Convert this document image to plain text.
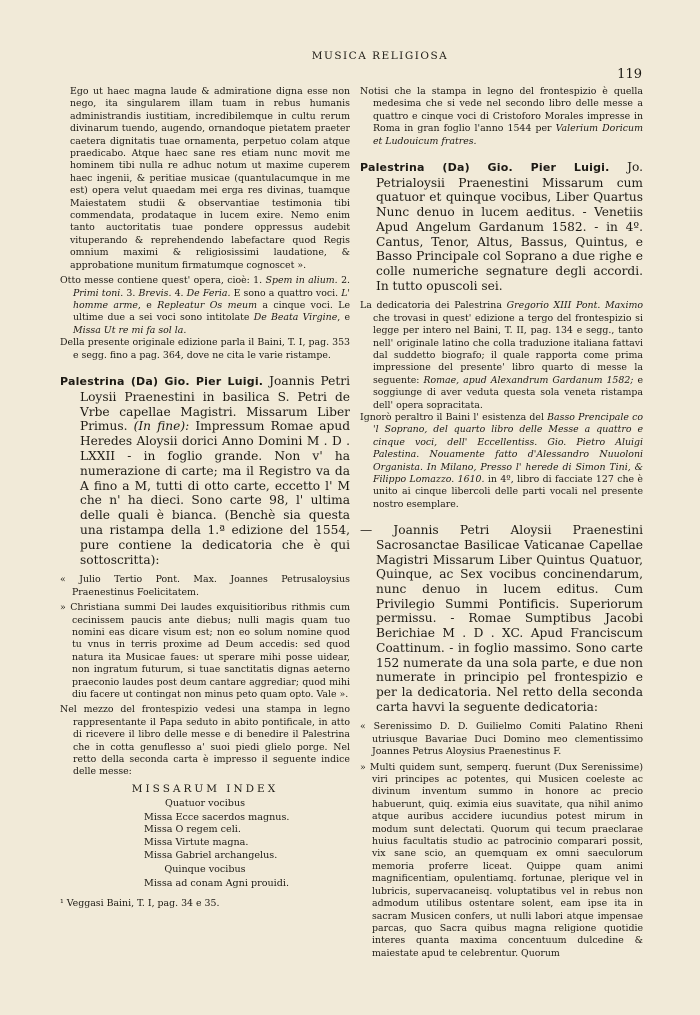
MUSICA RELIGIOSA
119

Ego ut haec magna laude & admiratione digna esse non nego, ita singularem illam tuam in rebus humanis administrandis iustitiam, incredibilemque in cultu rerum divinarum tuendo, augendo, ornandoque pietatem praeter caetera dignitatis tuae ornamenta, perpetuo colam atque praedicabo. Atque haec sane res etiam nunc movit me hominem tibi nulla re adhuc notum ut maxime cuperem haec ingenii, & peritiae musicae (quantulacumque in me est) opera velut quaedam mei erga res divinas, tuamque Maiestatem studii & observantiae testimonia tibi commendata, prodataque in lucem exire. Nemo enim tanto auctoritatis tuae pondere oppressus audebit vituperando & reprehendendo labefactare quod Regis omnium maximi & religiosissimi laudatione, & approbatione munitum firmatumque cognoscet ».

Otto messe contiene quest' opera, cioè: 1. Spem in alium. 2. Primi toni. 3. Brevis. 4. De Feria. E sono a quattro voci. L' homme arme, e Repleatur Os meum a cinque voci. Le ultime due a sei voci sono intitolate De Beata Virgine, e Missa Ut re mi fa sol la.

Della presente originale edizione parla il Baini, T. I, pag. 353 e segg. fino a pag. 364, dove ne cita le varie ristampe.

Palestrina (Da) Gio. Pier Luigi. Joannis Petri Loysii Praenestini in basilica S. Petri de Vrbe capellae Magistri. Missarum Liber Primus. (In fine): Impressum Romae apud Heredes Aloysii dorici Anno Domini M . D . LXXII - in foglio grande. Non v' ha numerazione di carte; ma il Registro va da A fino a M, tutti di otto carte, eccetto l' M che n' ha dieci. Sono carte 98, l' ultima delle quali è bianca. (Benchè sia questa una ristampa della 1.ª edizione del 1554, pure contiene la dedicatoria che è qui sottoscritta):

« Julio Tertio Pont. Max. Joannes Petrusaloysius Praenestinus Foelicitatem.

» Christiana summi Dei laudes exquisitioribus rithmis cum cecinissem paucis ante diebus; nulli magis quam tuo nomini eas dicare visum est; non eo solum nomine quod tu vnus in terris proxime ad Deum accedis: sed quod natura ita Musicae faues: ut sperare mihi posse uidear, non ingratum futurum, si tuae sanctitatis dignas aeterno praeconio laudes post deum cantare aggrediar; quod mihi diu facere ut contingat non minus peto quam opto. Vale ».

Nel mezzo del frontespizio vedesi una stampa in legno rappresentante il Papa seduto in abito pontificale, in atto di ricevere il libro delle messe e di benedire il Palestrina che in cotta genuflesso a' suoi piedi glielo porge. Nel retto della seconda carta è impresso il seguente indice delle messe:

MISSARUM INDEX
Quatuor vocibus
Missa Ecce sacerdos magnus.
Missa O regem celi.
Missa Virtute magna.
Missa Gabriel archangelus.
Quinque vocibus
Missa ad conam Agni prouidi.

¹ Veggasi Baini, T. I, pag. 34 e 35.

Notisi che la stampa in legno del frontespizio è quella medesima che si vede nel secondo libro delle messe a quattro e cinque voci di Cristoforo Morales impresse in Roma in gran foglio l'anno 1544 per Valerium Doricum et Ludouicum fratres.

Palestrina (Da) Gio. Pier Luigi. Jo. Petrialoysii Praenestini Missarum cum quatuor et quinque vocibus, Liber Quartus Nunc denuo in lucem aeditus. - Venetiis Apud Angelum Gardanum 1582. - in 4º. Cantus, Tenor, Altus, Bassus, Quintus, e Basso Principale col Soprano a due righe e colle numeriche segnature degli accordi. In tutto opuscoli sei.

La dedicatoria dei Palestrina Gregorio XIII Pont. Maximo che trovasi in quest' edizione a tergo del frontespizio si legge per intero nel Baini, T. II, pag. 134 e segg., tanto nell' originale latino che colla traduzione italiana fattavi dal suddetto biografo; il quale rapporta come prima impressione del presente' libro quarto di messe la seguente: Romae, apud Alexandrum Gardanum 1582; e soggiunge di aver veduta questa sola veneta ristampa dell' opera sopracitata.

Ignorò peraltro il Baini l' esistenza del Basso Prencipale co 'l Soprano, del quarto libro delle Messe a quattro e cinque voci, dell' Eccellentiss. Gio. Pietro Aluigi Palestina. Nouamente fatto d'Alessandro Nuuoloni Organista. In Milano, Presso l' herede di Simon Tini, & Filippo Lomazzo. 1610. in 4º, libro di facciate 127 che è unito ai cinque libercoli delle parti vocali nel presente nostro esemplare.

— Joannis Petri Aloysii Praenestini Sacrosanctae Basilicae Vaticanae Capellae Magistri Missarum Liber Quintus Quatuor, Quinque, ac Sex vocibus concinendarum, nunc denuo in lucem editus. Cum Privilegio Summi Pontificis. Superiorum permissu. - Romae Sumptibus Jacobi Berichiae M . D . XC. Apud Franciscum Coattinum. - in foglio massimo. Sono carte 152 numerate da una sola parte, e due non numerate in principio pel frontespizio e per la dedicatoria. Nel retto della seconda carta havvi la seguente dedicatoria:

« Serenissimo D. D. Guilielmo Comiti Palatino Rheni utriusque Bavariae Duci Domino meo clementissimo Joannes Petrus Aloysius Praenestinus F.

» Multi quidem sunt, semperq. fuerunt (Dux Serenissime) viri principes ac potentes, qui Musicen coeleste ac divinum inventum summo in honore ac precio habuerunt, quiq. eximia eius suavitate, qua nihil animo atque auribus accidere iucundius potest mirum in modum sunt delectati. Quorum qui tecum praeclarae huius facultatis studio ac patrocinio comparari possit, vix sane scio, an quemquam ex omni saeculorum memoria proferre liceat. Quippe quam animi magnificentiam, opulentiamq. fortunae, plerique vel in lubricis, supervacaneisq. voluptatibus vel in rebus non admodum utilibus ostentare solent, eam ipse ita in sacram Musicen confers, ut nulli labori atque impensae parcas, quo Sacra quibus magna religione quotidie interes quanta maxima concentuum dulcedine & maiestate apud te celebrentur. Quorum
